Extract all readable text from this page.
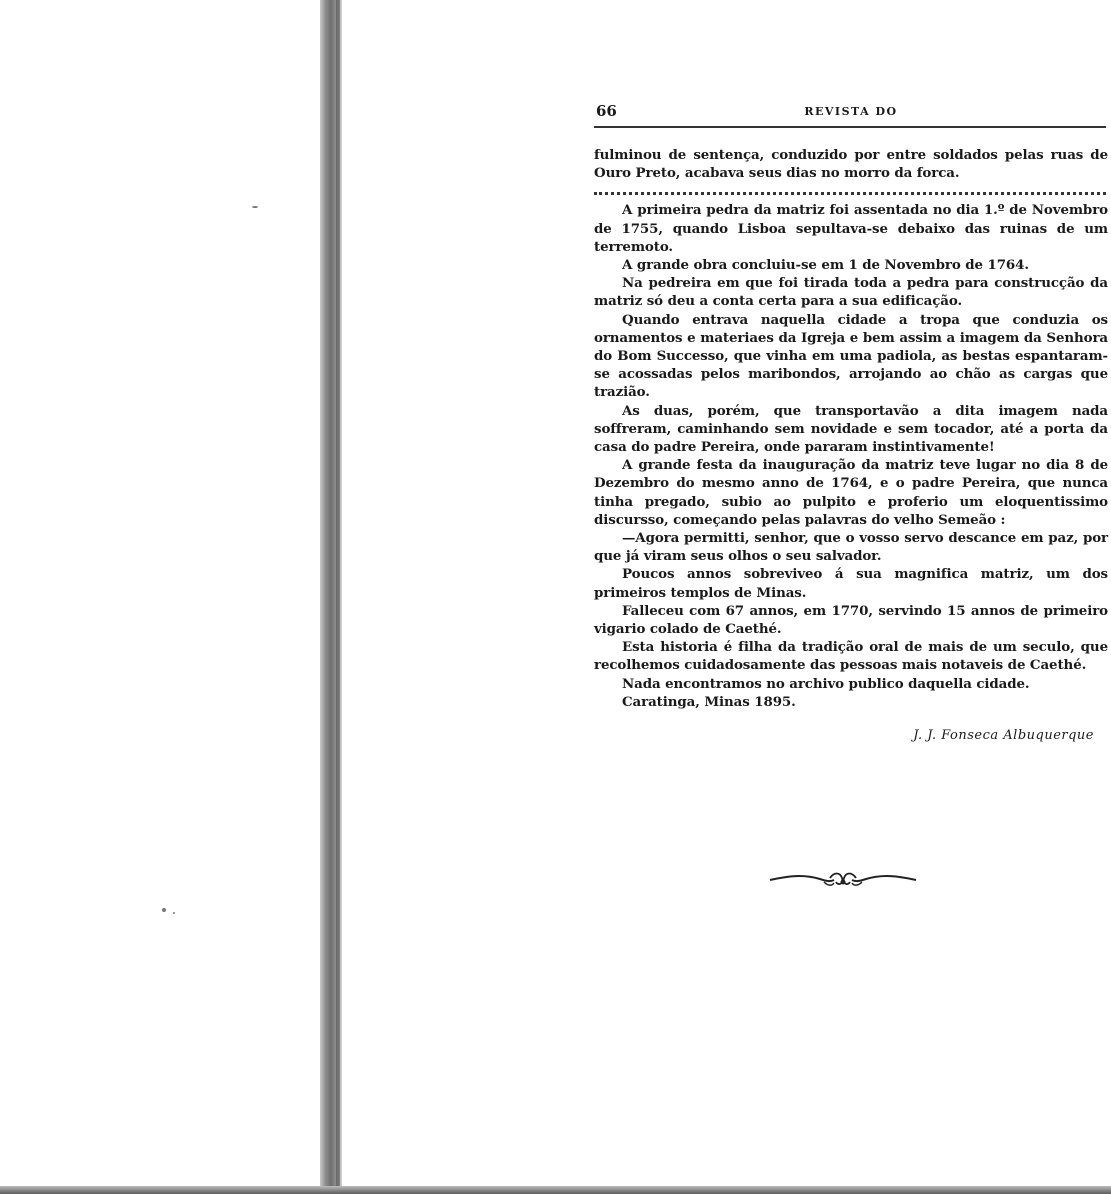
66	REVISTA DO

fulminou de sentença, conduzido por entre soldados pelas ruas de Ouro Preto, acabava seus dias no morro da forca.

A primeira pedra da matriz foi assentada no dia 1.º de Novembro de 1755, quando Lisboa sepultava-se debaixo das ruinas de um terremoto.

A grande obra concluiu-se em 1 de Novembro de 1764.

Na pedreira em que foi tirada toda a pedra para construcção da matriz só deu a conta certa para a sua edificação.

Quando entrava naquella cidade a tropa que conduzia os ornamentos e materiaes da Igreja e bem assim a imagem da Senhora do Bom Successo, que vinha em uma padiola, as bestas espantaram-se acossadas pelos maribondos, arrojando ao chão as cargas que trazião.

As duas, porém, que transportavão a dita imagem nada soffreram, caminhando sem novidade e sem tocador, até a porta da casa do padre Pereira, onde pararam instintivamente!

A grande festa da inauguração da matriz teve lugar no dia 8 de Dezembro do mesmo anno de 1764, e o padre Pereira, que nunca tinha pregado, subio ao pulpito e proferio um eloquentissimo discursso, começando pelas palavras do velho Semeão :

—Agora permitti, senhor, que o vosso servo descance em paz, por que já viram seus olhos o seu salvador.

Poucos annos sobreviveo á sua magnifica matriz, um dos primeiros templos de Minas.

Falleceu com 67 annos, em 1770, servindo 15 annos de primeiro vigario colado de Caethé.

Esta historia é filha da tradição oral de mais de um seculo, que recolhemos cuidadosamente das pessoas mais notaveis de Caethé.

Nada encontramos no archivo publico daquella cidade.

Caratinga, Minas 1895.

J. J. Fonseca Albuquerque
